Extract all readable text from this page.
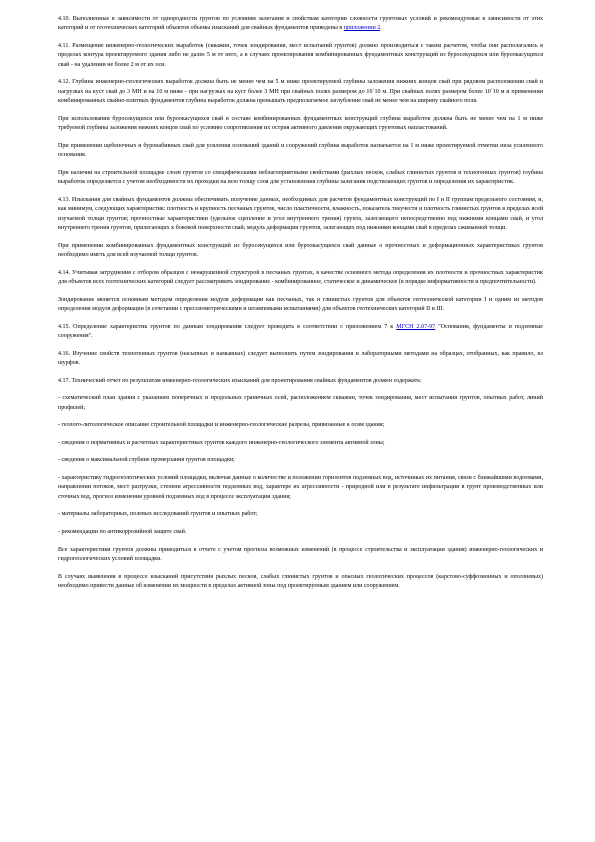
4.10. Выполненные в зависимости от однородности грунтов по условиям залегания и свойствам категории сложности грунтовых условий и рекомендуемые в зависимости от этих категорий и от геотехнических категорий объектов объемы изысканий для свайных фундаментов приведены в приложении 2.

4.11. Размещение инженерно-геологических выработок (скважин, точек зондирования, мест испытаний грунтов) должно производиться с таким расчетом, чтобы они располагались в пределах контура проектируемого здания либо не далее 5 м от него, а в случаях проектирования комбинированных фундаментных конструкций из буросекущихся или буроокасущихся свай - на удалении не более 2 м от их оси.

4.12. Глубина инженерно-геологических выработок должна быть не менее чем на 5 м ниже проектируемой глубины заложения нижних концов свай при рядовом расположении свай и нагрузках на куст свай до 3 МН и на 10 м ниже - при нагрузках на куст более 3 МН при свайных полях размером до 10´10 м. При свайных полях размером более 10´10 м и применении комбинированных свайно-плитных фундаментов глубина выработок должна превышать предполагаемое заглубление свай не менее чем на ширину свайного поля.

При использовании буросекущихся или буроокасущихся свай в составе комбинированных фундаментных конструкций глубина выработок должна быть не менее чем на 1 м ниже требуемой глубины заложения нижних концов свай по условию сопротивления их острия активного давления окружающих грунтовых напластований.

При применении щебеночных и буронабивных свай для усиления оснований зданий и сооружений глубина выработок назначается на 1 м ниже проектируемой отметки низа усиленного основания.

При наличии на строительной площадке слоев грунтов со специфическими неблагоприятными свойствами (рыхлых песков, слабых глинистых грунтов и техногенных грунтов) глубина выработок определяется с учетом необходимости их проходки на всю толщу слоя для установления глубины залегания подстилающих грунтов и определения их характеристик.

4.13. Изыскания для свайных фундаментов должны обеспечивать получение данных, необходимых для расчетов фундаментных конструкций по I и II группам предельного состояния, и, как минимум, следующих характеристик: плотность и крупность песчаных грунтов, число пластичности, влажность, показатель текучести и плотность глинистых грунтов в пределах всей изучаемой толщи грунтов; прочностные характеристики (удельное сцепление и угол внутреннего трения) грунта, залегающего непосредственно под нижними концами свай, и угол внутреннего трения грунтов, прилегающих к боковой поверхности свай; модуль деформации грунтов, залегающих под нижними концами свай в пределах сжимаемой толщи.

При применении комбинированных фундаментных конструкций из буросекущихся или буроокасущихся свай данные о прочностных и деформационных характеристиках грунтов необходимо иметь для всей изучаемой толщи грунтов.

4.14. Учитывая затруднения с отбором образцов с ненарушенной структурой в песчаных грунтах, в качестве основного метода определения их плотности и прочностных характеристик для объектов всех геотехнических категорий следует рассматривать зондирование - комбинированное, статическое и динамическое (в порядке информативности и предпочтительности).

Зондирование является основным методом определения модуля деформации как песчаных, так и глинистых грунтов для объектов геотехнической категории I и одним из методов определения модуля деформации (в сочетании с прессиометрическими и штамповыми испытаниями) для объектов геотехнических категорий II и III.

4.15. Определение характеристик грунтов по данным зондирования следует проводить в соответствии с приложением 7 к МГСН 2.07-97 "Основания, фундаменты и подземные сооружения".

4.16. Изучение свойств техногенных грунтов (насыпных и намывных) следует выполнять путем зондирования и лабораторными методами на образцах, отобранных, как правило, из шурфов.

4.17. Технический отчет по результатам инженерно-геологических изысканий для проектирования свайных фундаментов должен содержать:

- схематический план здания с указанием поперечных и продольных граничных осей, расположением скважин, точек зондирования, мест испытания грунтов, опытных работ, линий профилей;

- геолого-литологическое описание строительной площадки и инженерно-геологические разрезы, привязанные к осям здания;

- сведения о нормативных и расчетных характеристиках грунтов каждого инженерно-геологического элемента активной зоны;

- сведения о максимальной глубине промерзания грунтов площадки;

- характеристику гидрогеологических условий площадки, включая данные о количестве и положении горизонтов подземных вод, источниках их питания, связи с ближайшими водоемами, направлении потоков, мест разгрузки, степени агрессивности подземных вод, характере их агрессивности - природной или в результате инфильтрации в грунт производственных или сточных вод, прогноз изменения уровней подземных вод в процессе эксплуатации здания;

- материалы лабораторных, полевых исследований грунтов и опытных работ;

- рекомендации по антикоррозийной защите свай.

Все характеристики грунтов должны приводиться в отчете с учетом прогноза возможных изменений (в процессе строительства и эксплуатации здания) инженерно-геологических и гидрогеологических условий площадки.

В случаях выявления в процессе изысканий присутствия рыхлых песков, слабых глинистых грунтов и опасных геологических процессов (карстово-суффозионных и оползневых) необходимо привести данные об изменении их мощности в пределах активной зоны под проектируемым зданием или сооружением.
